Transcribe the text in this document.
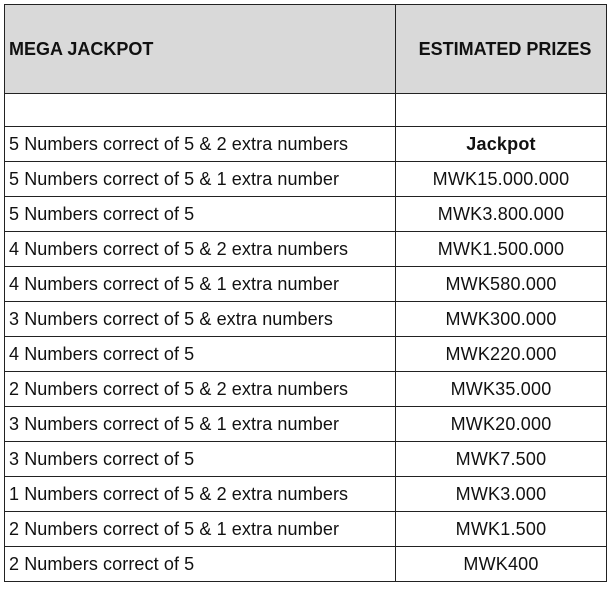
MEGA JACKPOT	ESTIMATED PRIZES

5 Numbers correct of 5 & 2 extra numbers	Jackpot
5 Numbers correct of 5 & 1 extra number	MWK15.000.000
5 Numbers correct of 5	MWK3.800.000
4 Numbers correct of 5 & 2 extra numbers	MWK1.500.000
4 Numbers correct of 5 & 1 extra number	MWK580.000
3 Numbers correct of 5 & extra numbers	MWK300.000
4 Numbers correct of 5	MWK220.000
2 Numbers correct of 5 & 2 extra numbers	MWK35.000
3 Numbers correct of 5 & 1 extra number	MWK20.000
3 Numbers correct of 5	MWK7.500
1 Numbers correct of 5 & 2 extra numbers	MWK3.000
2 Numbers correct of 5 & 1 extra number	MWK1.500
2 Numbers correct of 5	MWK400
